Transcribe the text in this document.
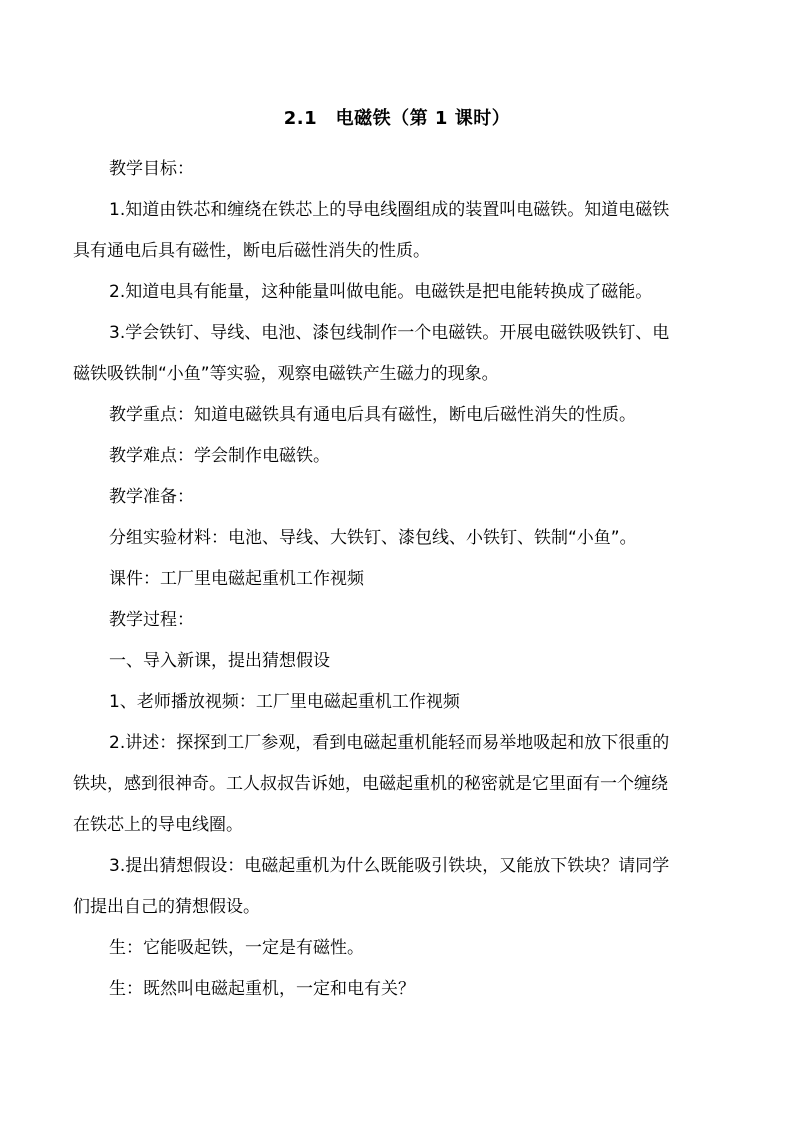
2.1　电磁铁（第 1 课时）
教学目标：
1.知道由铁芯和缠绕在铁芯上的导电线圈组成的装置叫电磁铁。知道电磁铁
具有通电后具有磁性，断电后磁性消失的性质。
2.知道电具有能量，这种能量叫做电能。电磁铁是把电能转换成了磁能。
3.学会铁钉、导线、电池、漆包线制作一个电磁铁。开展电磁铁吸铁钉、电
磁铁吸铁制“小鱼”等实验，观察电磁铁产生磁力的现象。
教学重点：知道电磁铁具有通电后具有磁性，断电后磁性消失的性质。
教学难点：学会制作电磁铁。
教学准备：
分组实验材料：电池、导线、大铁钉、漆包线、小铁钉、铁制“小鱼”。
课件：工厂里电磁起重机工作视频
教学过程：
一、导入新课，提出猜想假设
1、老师播放视频：工厂里电磁起重机工作视频
2.讲述：探探到工厂参观，看到电磁起重机能轻而易举地吸起和放下很重的
铁块，感到很神奇。工人叔叔告诉她，电磁起重机的秘密就是它里面有一个缠绕
在铁芯上的导电线圈。
3.提出猜想假设：电磁起重机为什么既能吸引铁块，又能放下铁块？请同学
们提出自己的猜想假设。
生：它能吸起铁，一定是有磁性。
生：既然叫电磁起重机，一定和电有关？
